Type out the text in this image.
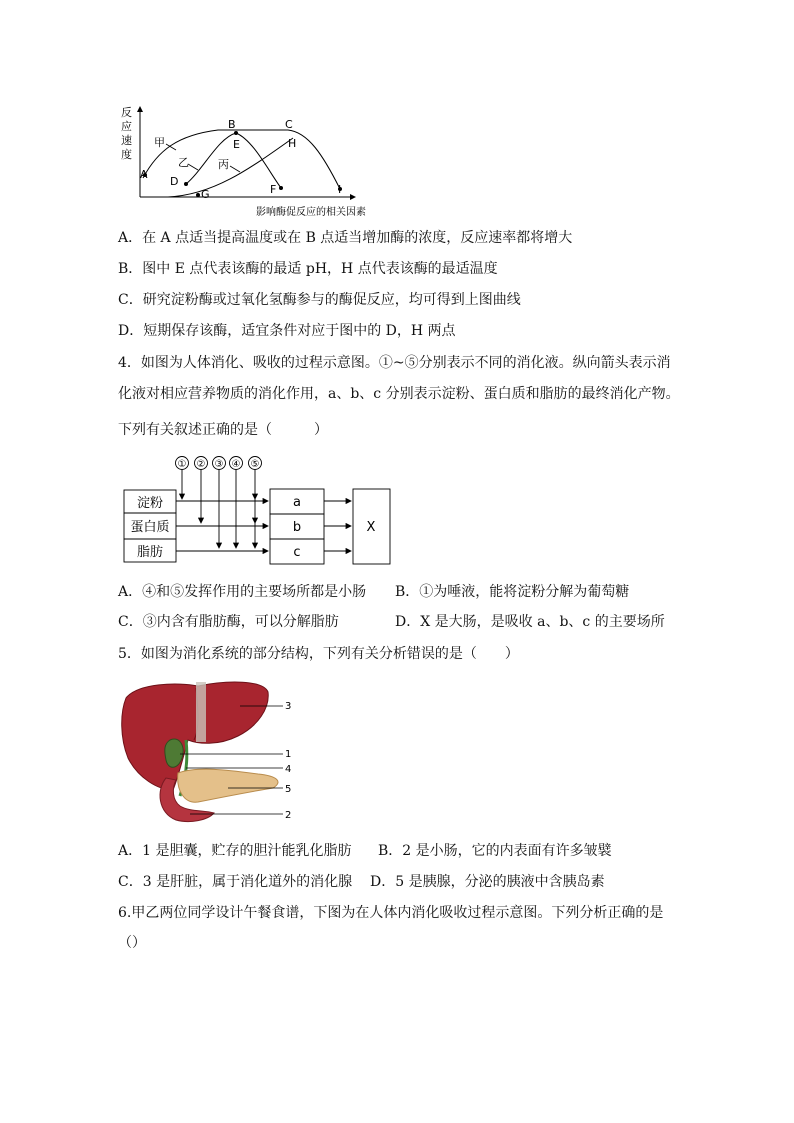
反
应
速
度
A
B	C
D
E
F
G
H
I
甲
乙	丙
影响酶促反应的相关因素
A．在 A 点适当提高温度或在 B 点适当增加酶的浓度，反应速率都将增大
B．图中 E 点代表该酶的最适 pH，H 点代表该酶的最适温度
C．研究淀粉酶或过氧化氢酶参与的酶促反应，均可得到上图曲线
D．短期保存该酶，适宜条件对应于图中的 D，H 两点
4．如图为人体消化、吸收的过程示意图。①~⑤分别表示不同的消化液。纵向箭头表示消
化液对相应营养物质的消化作用，a、b、c 分别表示淀粉、蛋白质和脂肪的最终消化产物。
下列有关叙述正确的是（　　　）
① ② ③ ④ ⑤
淀粉
蛋白质
脂肪
a
b
c
X
A．④和⑤发挥作用的主要场所都是小肠 B．①为唾液，能将淀粉分解为葡萄糖
C．③内含有脂肪酶，可以分解脂肪	D．X 是大肠，是吸收 a、b、c 的主要场所
5．如图为消化系统的部分结构，下列有关分析错误的是（　　）
3
1
4
5
2
A．1 是胆囊，贮存的胆汁能乳化脂肪 B．2 是小肠，它的内表面有许多皱襞
C．3 是肝脏，属于消化道外的消化腺 D．5 是胰腺，分泌的胰液中含胰岛素
6.甲乙两位同学设计午餐食谱，下图为在人体内消化吸收过程示意图。下列分析正确的是
（）
